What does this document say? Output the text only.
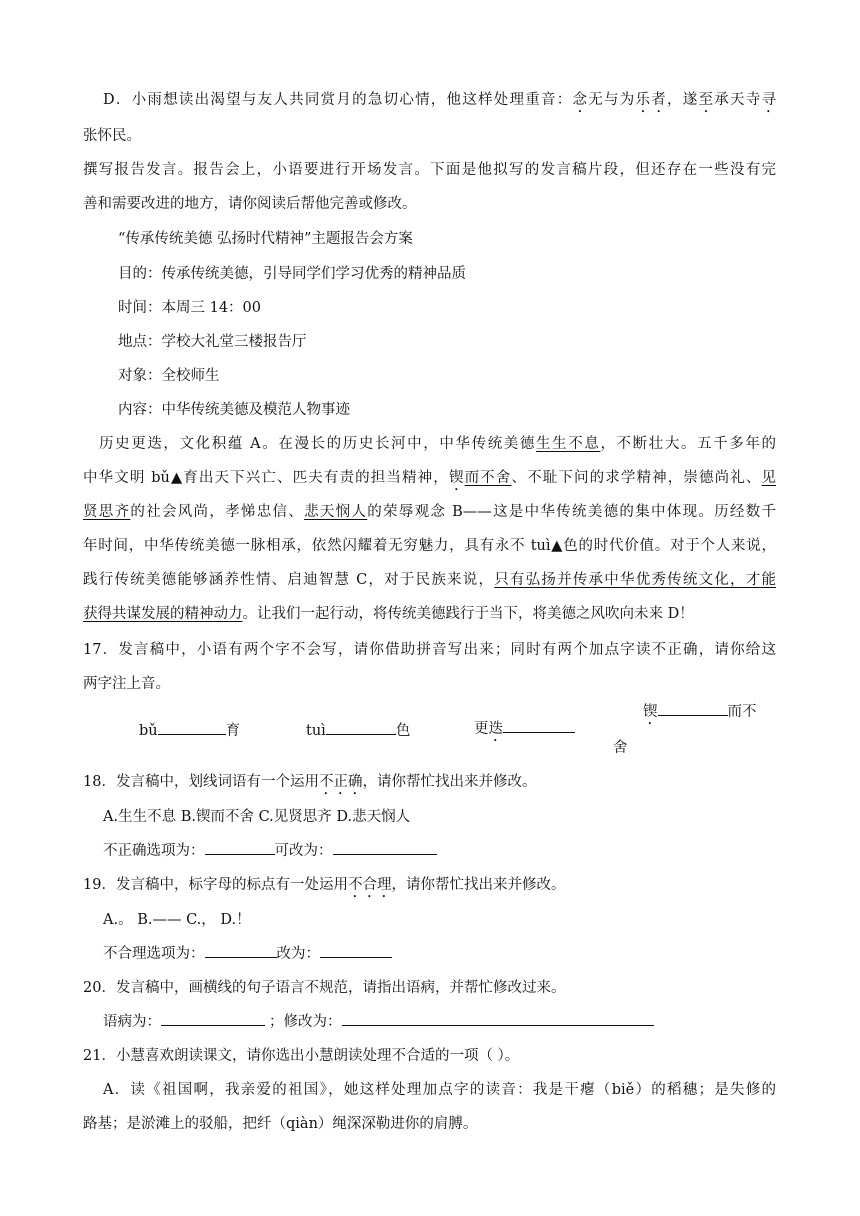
D．小雨想读出渴望与友人共同赏月的急切心情，他这样处理重音：念无与为乐者，遂至承天寺寻
张怀民。
撰写报告发言。报告会上，小语要进行开场发言。下面是他拟写的发言稿片段，但还存在一些没有完
善和需要改进的地方，请你阅读后帮他完善或修改。
“传承传统美德 弘扬时代精神”主题报告会方案
目的：传承传统美德，引导同学们学习优秀的精神品质
时间：本周三 14：00
地点：学校大礼堂三楼报告厅
对象：全校师生
内容：中华传统美德及模范人物事迹
历史更迭，文化积蕴 A。在漫长的历史长河中，中华传统美德生生不息，不断壮大。五千多年的
中华文明 bǔ▲育出天下兴亡、匹夫有责的担当精神，锲而不舍、不耻下问的求学精神，崇德尚礼、见
贤思齐的社会风尚，孝悌忠信、悲天悯人的荣辱观念 B——这是中华传统美德的集中体现。历经数千
年时间，中华传统美德一脉相承，依然闪耀着无穷魅力，具有永不 tuì▲色的时代价值。对于个人来说，
践行传统美德能够涵养性情、启迪智慧 C，对于民族来说，只有弘扬并传承中华优秀传统文化，才能
获得共谋发展的精神动力。让我们一起行动，将传统美德践行于当下，将美德之风吹向未来 D！
17．发言稿中，小语有两个字不会写，请你借助拼音写出来；同时有两个加点字读不正确，请你给这
两字注上音。
bǔ	育	tuì	色	更迭
锲	而不
舍
18．发言稿中，划线词语有一个运用不正确，请你帮忙找出来并修改。
A.生生不息 B.锲而不舍 C.见贤思齐 D.悲天悯人
不正确选项为：	可改为：
19．发言稿中，标字母的标点有一处运用不合理，请你帮忙找出来并修改。
A.。 B.—— C.， D.！
不合理选项为：	改为：
20．发言稿中，画横线的句子语言不规范，请指出语病，并帮忙修改过来。
语病为：	；修改为：
21．小慧喜欢朗读课文，请你选出小慧朗读处理不合适的一项（ ）。
A．读《祖国啊，我亲爱的祖国》，她这样处理加点字的读音：我是干瘪（biě）的稻穗；是失修的
路基；是淤滩上的驳船，把纤（qiàn）绳深深勒进你的肩膊。
